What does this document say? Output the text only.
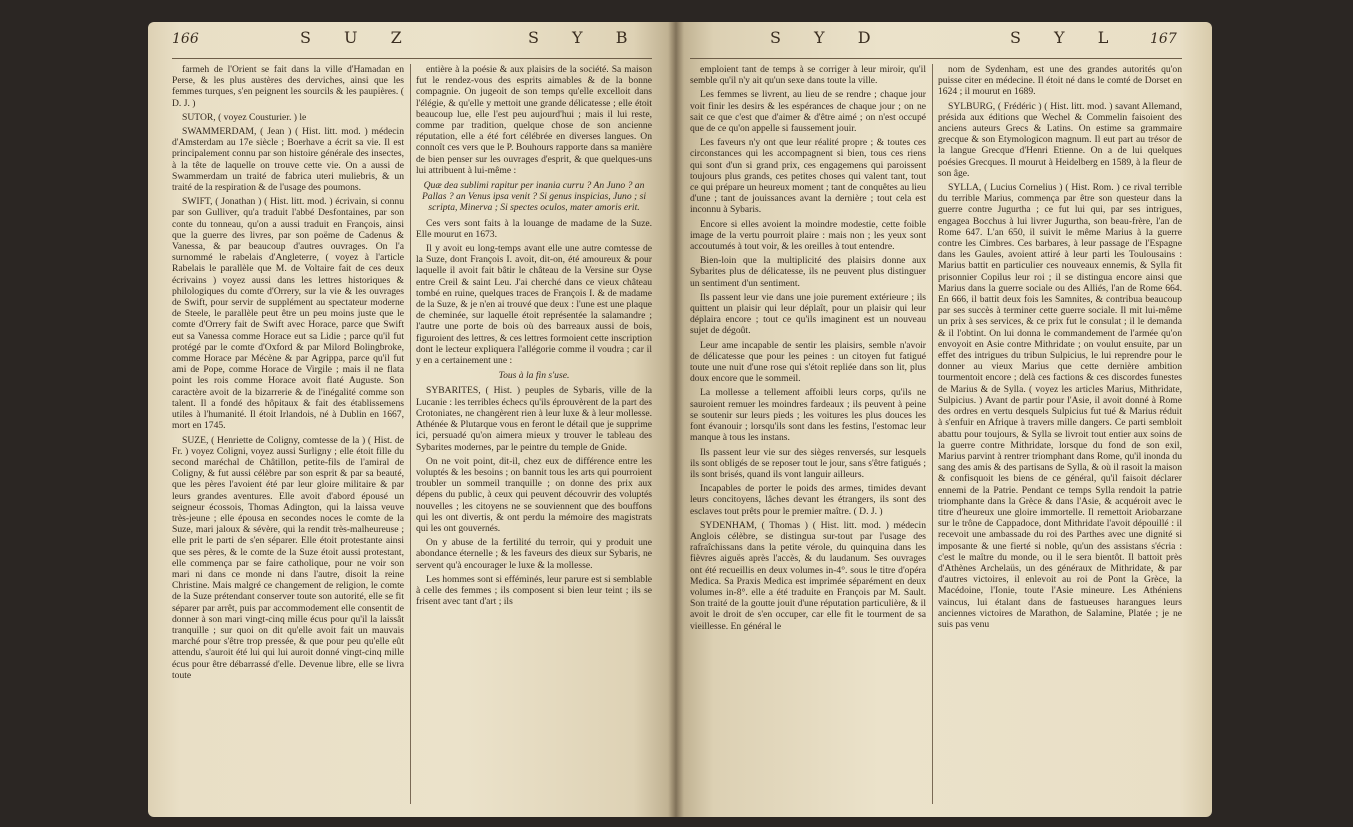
166	S U Z	S Y B	S Y D	S Y L 167

farmeh de l'Orient se fait dans la ville d'Hamadan en Perse, & les plus austères des derviches, ainsi que les femmes turques, s'en peignent les sourcils & les paupières. ( D. J. )

SUTOR, ( voyez Cousturier. ) le

SWAMMERDAM, ( Jean ) ( Hist. litt. mod. ) médecin d'Amsterdam au 17e siècle ; Boerhave a écrit sa vie. Il est principalement connu par son histoire générale des insectes, à la tête de laquelle on trouve cette vie. On a aussi de Swammerdam un traité de fabrica uteri muliebris, & un traité de la respiration & de l'usage des poumons.

SWIFT, ( Jonathan ) ( Hist. litt. mod. ) écrivain, si connu par son Gulliver, qu'a traduit l'abbé Desfontaines, par son conte du tonneau, qu'on a aussi traduit en François, ainsi que la guerre des livres, par son poëme de Cadenus & Vanessa, & par beaucoup d'autres ouvrages. On l'a surnommé le rabelais d'Angleterre, ( voyez à l'article Rabelais le parallèle que M. de Voltaire fait de ces deux écrivains ) voyez aussi dans les lettres historiques & philologiques du comte d'Orrery, sur la vie & les ouvrages de Swift, pour servir de supplément au spectateur moderne de Steele, le parallèle peut être un peu moins juste que le comte d'Orrery fait de Swift avec Horace, parce que Swift eut sa Vanessa comme Horace eut sa Lidie ; parce qu'il fut protégé par le comte d'Oxford & par Milord Bolingbroke, comme Horace par Mécène & par Agrippa, parce qu'il fut ami de Pope, comme Horace de Virgile ; mais il ne flata point les rois comme Horace avoit flaté Auguste. Son caractère avoit de la bizarrerie & de l'inégalité comme son talent. Il a fondé des hôpitaux & fait des établissemens utiles à l'humanité. Il étoit Irlandois, né à Dublin en 1667, mort en 1745.

SUZE, ( Henriette de Coligny, comtesse de la ) ( Hist. de Fr. ) voyez Coligni, voyez aussi Surligny ; elle étoit fille du second maréchal de Châtillon, petite-fils de l'amiral de Coligny, & fut aussi célèbre par son esprit & par sa beauté, que les pères l'avoient été par leur gloire militaire & par leurs grandes aventures. Elle avoit d'abord épousé un seigneur écossois, Thomas Adington, qui la laissa veuve très-jeune ; elle épousa en secondes noces le comte de la Suze, mari jaloux & sévère, qui la rendit très-malheureuse ; elle prit le parti de s'en séparer. Elle étoit protestante ainsi que ses pères, & le comte de la Suze étoit aussi protestant, elle commença par se faire catholique, pour ne voir son mari ni dans ce monde ni dans l'autre, disoit la reine Christine. Mais malgré ce changement de religion, le comte de la Suze prétendant conserver toute son autorité, elle se fit séparer par arrêt, puis par accommodement elle consentit de donner à son mari vingt-cinq mille écus pour qu'il la laissât tranquille ; sur quoi on dit qu'elle avoit fait un mauvais marché pour s'être trop pressée, & que pour peu qu'elle eût attendu, s'auroit été lui qui lui auroit donné vingt-cinq mille écus pour être débarrassé d'elle. Devenue libre, elle se livra toute

entière à la poésie & aux plaisirs de la société. Sa maison fut le rendez-vous des esprits aimables & de la bonne compagnie. On jugeoit de son temps qu'elle excelloit dans l'élégie, & qu'elle y mettoit une grande délicatesse ; elle étoit beaucoup lue, elle l'est peu aujourd'hui ; mais il lui reste, comme par tradition, quelque chose de son ancienne réputation, elle a été fort célébrée en diverses langues. On connoît ces vers que le P. Bouhours rapporte dans sa manière de bien penser sur les ouvrages d'esprit, & que quelques-uns lui attribuent à lui-même :

Quæ dea sublimi rapitur per inania curru ? An Juno ? an Pallas ? an Venus ipsa venit ? Si genus inspicias, Juno ; si scripta, Minerva ; Si spectes oculos, mater amoris erit.

Ces vers sont faits à la louange de madame de la Suze. Elle mourut en 1673.

Il y avoit eu long-temps avant elle une autre comtesse de la Suze, dont François I. avoit, dit-on, été amoureux & pour laquelle il avoit fait bâtir le château de la Versine sur Oyse entre Creil & saint Leu. J'ai cherché dans ce vieux château tombé en ruine, quelques traces de François I. & de madame de la Suze, & je n'en ai trouvé que deux : l'une est une plaque de cheminée, sur laquelle étoit représentée la salamandre ; l'autre une porte de bois où des barreaux aussi de bois, figuroient des lettres, & ces lettres formoient cette inscription dont le lecteur expliquera l'allégorie comme il voudra ; car il y en a certainement une :

Tous à la fin s'use.

SYBARITES, ( Hist. ) peuples de Sybaris, ville de la Lucanie : les terribles échecs qu'ils éprouvèrent de la part des Crotoniates, ne changèrent rien à leur luxe & à leur mollesse. Athénée & Plutarque vous en feront le détail que je supprime ici, persuadé qu'on aimera mieux y trouver le tableau des Sybarites modernes, par le peintre du temple de Gnide.

On ne voit point, dit-il, chez eux de différence entre les voluptés & les besoins ; on bannit tous les arts qui pourroient troubler un sommeil tranquille ; on donne des prix aux dépens du public, à ceux qui peuvent découvrir des voluptés nouvelles ; les citoyens ne se souviennent que des bouffons qui les ont divertis, & ont perdu la mémoire des magistrats qui les ont gouvernés.

On y abuse de la fertilité du terroir, qui y produit une abondance éternelle ; & les faveurs des dieux sur Sybaris, ne servent qu'à encourager le luxe & la mollesse.

Les hommes sont si efféminés, leur parure est si semblable à celle des femmes ; ils composent si bien leur teint ; ils se frisent avec tant d'art ; ils

emploient tant de temps à se corriger à leur miroir, qu'il semble qu'il n'y ait qu'un sexe dans toute la ville.

Les femmes se livrent, au lieu de se rendre ; chaque jour voit finir les desirs & les espérances de chaque jour ; on ne sait ce que c'est que d'aimer & d'être aimé ; on n'est occupé que de ce qu'on appelle si faussement jouir.

Les faveurs n'y ont que leur réalité propre ; & toutes ces circonstances qui les accompagnent si bien, tous ces riens qui sont d'un si grand prix, ces engagemens qui paroissent toujours plus grands, ces petites choses qui valent tant, tout ce qui prépare un heureux moment ; tant de conquêtes au lieu d'une ; tant de jouissances avant la dernière ; tout cela est inconnu à Sybaris.

Encore si elles avoient la moindre modestie, cette foible image de la vertu pourroit plaire : mais non ; les yeux sont accoutumés à tout voir, & les oreilles à tout entendre.

Bien-loin que la multiplicité des plaisirs donne aux Sybarites plus de délicatesse, ils ne peuvent plus distinguer un sentiment d'un sentiment.

Ils passent leur vie dans une joie purement extérieure ; ils quittent un plaisir qui leur déplaît, pour un plaisir qui leur déplaira encore ; tout ce qu'ils imaginent est un nouveau sujet de dégoût.

Leur ame incapable de sentir les plaisirs, semble n'avoir de délicatesse que pour les peines : un citoyen fut fatigué toute une nuit d'une rose qui s'étoit repliée dans son lit, plus doux encore que le sommeil.

La mollesse a tellement affoibli leurs corps, qu'ils ne sauroient remuer les moindres fardeaux ; ils peuvent à peine se soutenir sur leurs pieds ; les voitures les plus douces les font évanouir ; lorsqu'ils sont dans les festins, l'estomac leur manque à tous les instans.

Ils passent leur vie sur des sièges renversés, sur lesquels ils sont obligés de se reposer tout le jour, sans s'être fatigués ; ils sont brisés, quand ils vont languir ailleurs.

Incapables de porter le poids des armes, timides devant leurs concitoyens, lâches devant les étrangers, ils sont des esclaves tout prêts pour le premier maître. ( D. J. )

SYDENHAM, ( Thomas ) ( Hist. litt. mod. ) médecin Anglois célèbre, se distingua sur-tout par l'usage des rafraîchissans dans la petite vérole, du quinquina dans les fièvres aiguës après l'accès, & du laudanum. Ses ouvrages ont été recueillis en deux volumes in-4°. sous le titre d'opéra Medica. Sa Praxis Medica est imprimée séparément en deux volumes in-8°. elle a été traduite en François par M. Sault. Son traité de la goutte jouit d'une réputation particulière, & il avoit le droit de s'en occuper, car elle fit le tourment de sa vieillesse. En général le

nom de Sydenham, est une des grandes autorités qu'on puisse citer en médecine. Il étoit né dans le comté de Dorset en 1624 ; il mourut en 1689.

SYLBURG, ( Frédéric ) ( Hist. litt. mod. ) savant Allemand, présida aux éditions que Wechel & Commelin faisoient des anciens auteurs Grecs & Latins. On estime sa grammaire grecque & son Etymologicon magnum. Il eut part au trésor de la langue Grecque d'Henri Etienne. On a de lui quelques poésies Grecques. Il mourut à Heidelberg en 1589, à la fleur de son âge.

SYLLA, ( Lucius Cornelius ) ( Hist. Rom. ) ce rival terrible du terrible Marius, commença par être son questeur dans la guerre contre Jugurtha ; ce fut lui qui, par ses intrigues, engagea Bocchus à lui livrer Jugurtha, son beau-frère, l'an de Rome 647. L'an 650, il suivit le même Marius à la guerre contre les Cimbres. Ces barbares, à leur passage de l'Espagne dans les Gaules, avoient attiré à leur parti les Toulousains : Marius battit en particulier ces nouveaux ennemis, & Sylla fit prisonnier Copilus leur roi ; il se distingua encore ainsi que Marius dans la guerre sociale ou des Alliés, l'an de Rome 664. En 666, il battit deux fois les Samnites, & contribua beaucoup par ses succès à terminer cette guerre sociale. Il mit lui-même un prix à ses services, & ce prix fut le consulat ; il le demanda & il l'obtint. On lui donna le commandement de l'armée qu'on envoyoit en Asie contre Mithridate ; on voulut ensuite, par un effet des intrigues du tribun Sulpicius, le lui reprendre pour le donner au vieux Marius que cette dernière ambition tourmentoit encore ; delà ces factions & ces discordes funestes de Marius & de Sylla. ( voyez les articles Marius, Mithridate, Sulpicius. ) Avant de partir pour l'Asie, il avoit donné à Rome des ordres en vertu desquels Sulpicius fut tué & Marius réduit à s'enfuir en Afrique à travers mille dangers. Ce parti sembloit abattu pour toujours, & Sylla se livroit tout entier aux soins de la guerre contre Mithridate, lorsque du fond de son exil, Marius parvint à rentrer triomphant dans Rome, qu'il inonda du sang des amis & des partisans de Sylla, & où il rasoit la maison & confisquoit les biens de ce général, qu'il faisoit déclarer ennemi de la Patrie. Pendant ce temps Sylla rendoit la patrie triomphante dans la Grèce & dans l'Asie, & acquéroit avec le titre d'heureux une gloire immortelle. Il remettoit Ariobarzane sur le trône de Cappadoce, dont Mithridate l'avoit dépouillé : il recevoit une ambassade du roi des Parthes avec une dignité si imposante & une fierté si noble, qu'un des assistans s'écria : c'est le maître du monde, ou il le sera bientôt. Il battoit près d'Athènes Archelaüs, un des généraux de Mithridate, & par d'autres victoires, il enlevoit au roi de Pont la Grèce, la Macédoine, l'Ionie, toute l'Asie mineure. Les Athéniens vaincus, lui étalant dans de fastueuses harangues leurs anciennes victoires de Marathon, de Salamine, Platée ; je ne suis pas venu
